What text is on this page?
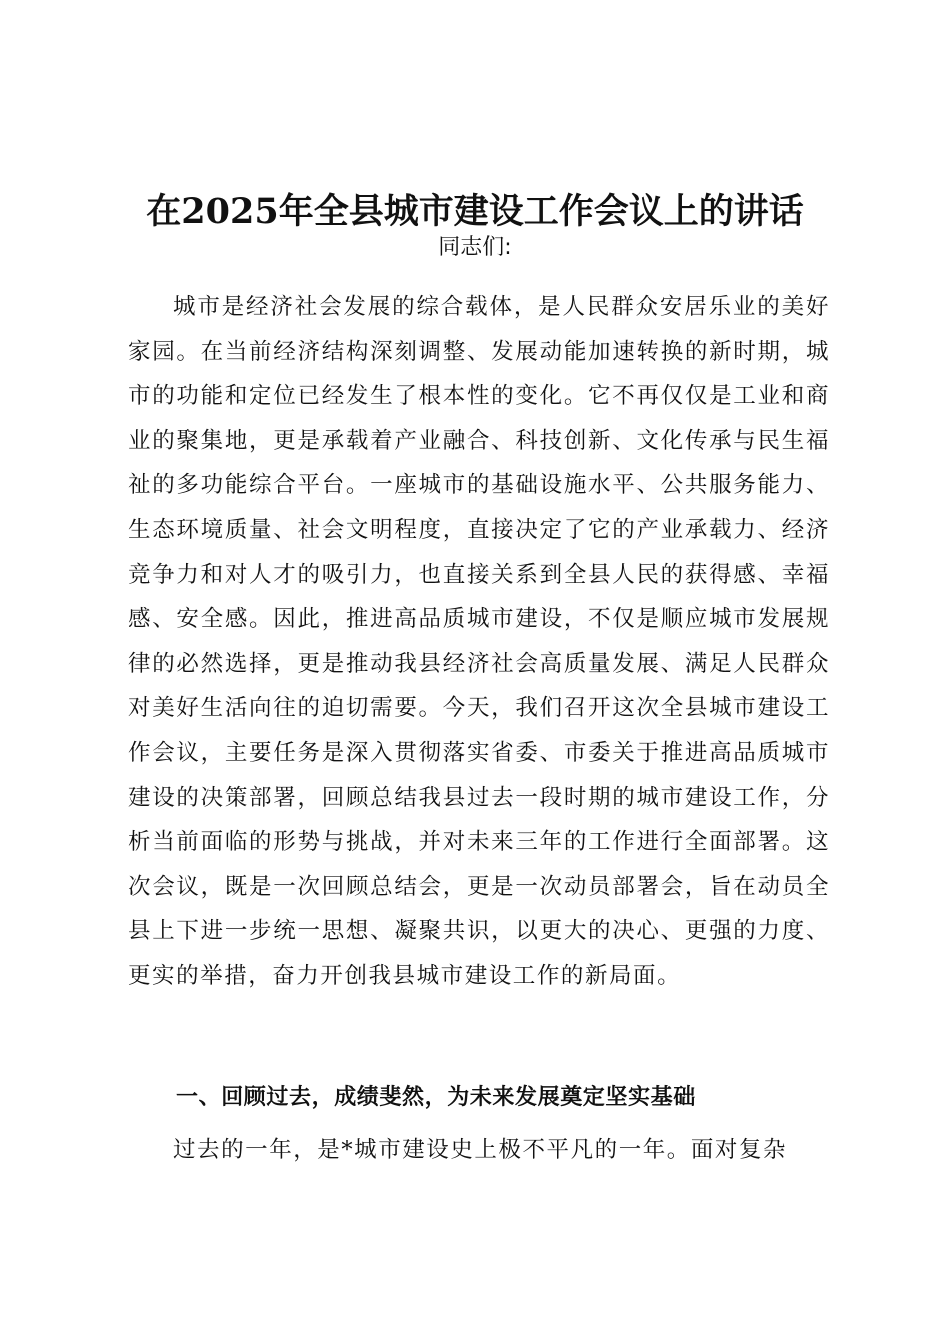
在2025年全县城市建设工作会议上的讲话
同志们:

城市是经济社会发展的综合载体，是人民群众安居乐业的美好家园。在当前经济结构深刻调整、发展动能加速转换的新时期，城市的功能和定位已经发生了根本性的变化。它不再仅仅是工业和商业的聚集地，更是承载着产业融合、科技创新、文化传承与民生福祉的多功能综合平台。一座城市的基础设施水平、公共服务能力、生态环境质量、社会文明程度，直接决定了它的产业承载力、经济竞争力和对人才的吸引力，也直接关系到全县人民的获得感、幸福感、安全感。因此，推进高品质城市建设，不仅是顺应城市发展规律的必然选择，更是推动我县经济社会高质量发展、满足人民群众对美好生活向往的迫切需要。今天，我们召开这次全县城市建设工作会议，主要任务是深入贯彻落实省委、市委关于推进高品质城市建设的决策部署，回顾总结我县过去一段时期的城市建设工作，分析当前面临的形势与挑战，并对未来三年的工作进行全面部署。这次会议，既是一次回顾总结会，更是一次动员部署会，旨在动员全县上下进一步统一思想、凝聚共识，以更大的决心、更强的力度、更实的举措，奋力开创我县城市建设工作的新局面。

一、回顾过去，成绩斐然，为未来发展奠定坚实基础

过去的一年，是*城市建设史上极不平凡的一年。面对复杂
